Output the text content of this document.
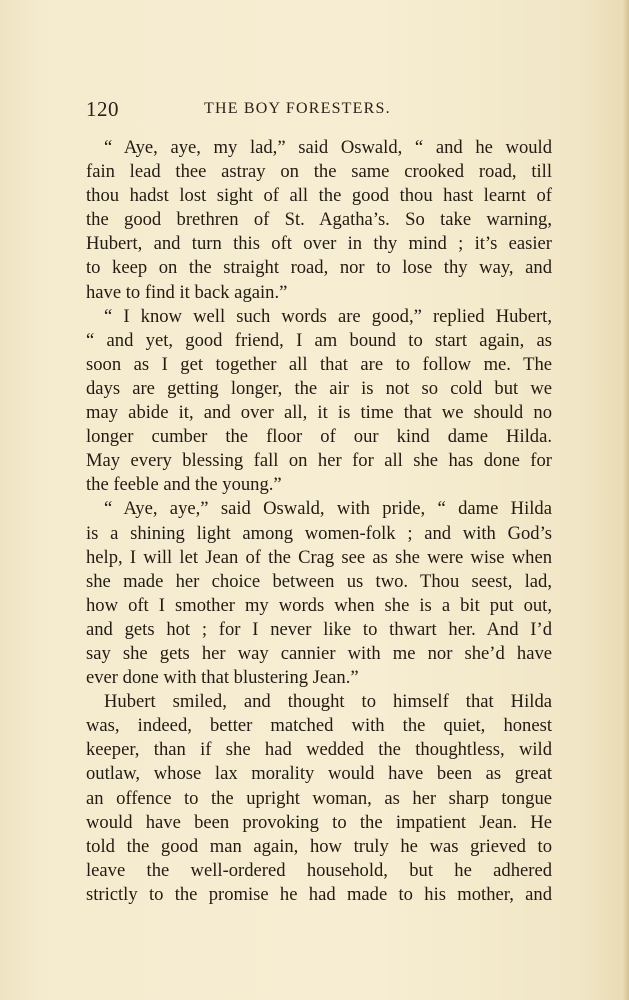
120	THE BOY FORESTERS.
“ Aye, aye, my lad,” said Oswald, “ and he would
fain lead thee astray on the same crooked road, till
thou hadst lost sight of all the good thou hast learnt of
the good brethren of St. Agatha’s. So take warning,
Hubert, and turn this oft over in thy mind ; it’s easier
to keep on the straight road, nor to lose thy way, and
have to find it back again.”
“ I know well such words are good,” replied Hubert,
“ and yet, good friend, I am bound to start again, as
soon as I get together all that are to follow me. The
days are getting longer, the air is not so cold but we
may abide it, and over all, it is time that we should no
longer cumber the floor of our kind dame Hilda.
May every blessing fall on her for all she has done for
the feeble and the young.”
“ Aye, aye,” said Oswald, with pride, “ dame Hilda
is a shining light among women-folk ; and with God’s
help, I will let Jean of the Crag see as she were wise when
she made her choice between us two. Thou seest, lad,
how oft I smother my words when she is a bit put out,
and gets hot ; for I never like to thwart her. And I’d
say she gets her way cannier with me nor she’d have
ever done with that blustering Jean.”
Hubert smiled, and thought to himself that Hilda
was, indeed, better matched with the quiet, honest
keeper, than if she had wedded the thoughtless, wild
outlaw, whose lax morality would have been as great
an offence to the upright woman, as her sharp tongue
would have been provoking to the impatient Jean. He
told the good man again, how truly he was grieved to
leave the well-ordered household, but he adhered
strictly to the promise he had made to his mother, and
